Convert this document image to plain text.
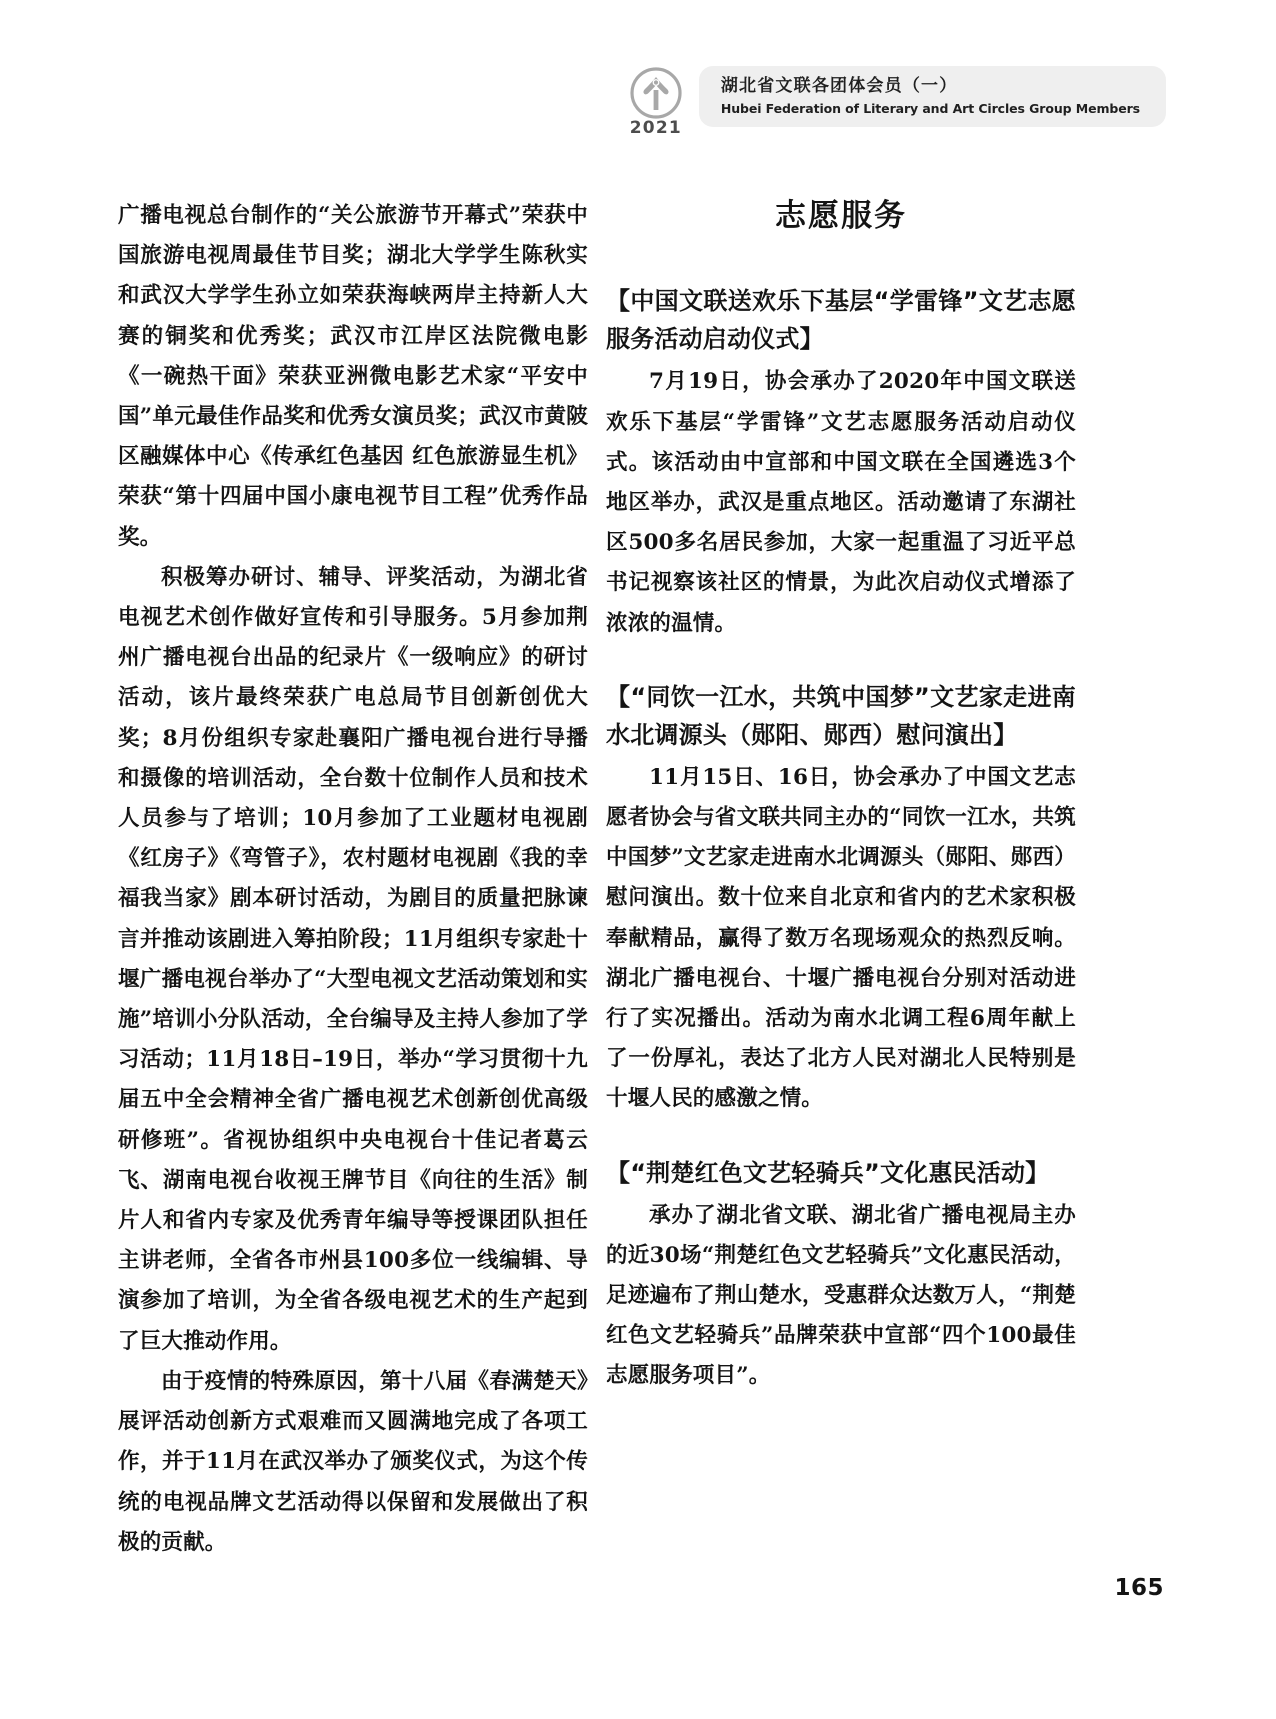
2021
湖北省文联各团体会员（一）
Hubei Federation of Literary and Art Circles Group Members

广播电视总台制作的“关公旅游节开幕式”荣获中国旅游电视周最佳节目奖；湖北大学学生陈秋实和武汉大学学生孙立如荣获海峡两岸主持新人大赛的铜奖和优秀奖；武汉市江岸区法院微电影《一碗热干面》荣获亚洲微电影艺术家“平安中国”单元最佳作品奖和优秀女演员奖；武汉市黄陂区融媒体中心《传承红色基因 红色旅游显生机》荣获“第十四届中国小康电视节目工程”优秀作品奖。

积极筹办研讨、辅导、评奖活动，为湖北省电视艺术创作做好宣传和引导服务。5月参加荆州广播电视台出品的纪录片《一级响应》的研讨活动，该片最终荣获广电总局节目创新创优大奖；8月份组织专家赴襄阳广播电视台进行导播和摄像的培训活动，全台数十位制作人员和技术人员参与了培训；10月参加了工业题材电视剧《红房子》《弯管子》，农村题材电视剧《我的幸福我当家》剧本研讨活动，为剧目的质量把脉谏言并推动该剧进入筹拍阶段；11月组织专家赴十堰广播电视台举办了“大型电视文艺活动策划和实施”培训小分队活动，全台编导及主持人参加了学习活动；11月18日–19日，举办“学习贯彻十九届五中全会精神全省广播电视艺术创新创优高级研修班”。省视协组织中央电视台十佳记者葛云飞、湖南电视台收视王牌节目《向往的生活》制片人和省内专家及优秀青年编导等授课团队担任主讲老师，全省各市州县100多位一线编辑、导演参加了培训，为全省各级电视艺术的生产起到了巨大推动作用。

由于疫情的特殊原因，第十八届《春满楚天》展评活动创新方式艰难而又圆满地完成了各项工作，并于11月在武汉举办了颁奖仪式，为这个传统的电视品牌文艺活动得以保留和发展做出了积极的贡献。

志愿服务
【中国文联送欢乐下基层“学雷锋”文艺志愿服务活动启动仪式】

7月19日，协会承办了2020年中国文联送欢乐下基层“学雷锋”文艺志愿服务活动启动仪式。该活动由中宣部和中国文联在全国遴选3个地区举办，武汉是重点地区。活动邀请了东湖社区500多名居民参加，大家一起重温了习近平总书记视察该社区的情景，为此次启动仪式增添了浓浓的温情。

【“同饮一江水，共筑中国梦”文艺家走进南水北调源头（郧阳、郧西）慰问演出】

11月15日、16日，协会承办了中国文艺志愿者协会与省文联共同主办的“同饮一江水，共筑中国梦”文艺家走进南水北调源头（郧阳、郧西）慰问演出。数十位来自北京和省内的艺术家积极奉献精品，赢得了数万名现场观众的热烈反响。湖北广播电视台、十堰广播电视台分别对活动进行了实况播出。活动为南水北调工程6周年献上了一份厚礼，表达了北方人民对湖北人民特别是十堰人民的感激之情。

【“荆楚红色文艺轻骑兵”文化惠民活动】

承办了湖北省文联、湖北省广播电视局主办的近30场“荆楚红色文艺轻骑兵”文化惠民活动，足迹遍布了荆山楚水，受惠群众达数万人，“荆楚红色文艺轻骑兵”品牌荣获中宣部“四个100最佳志愿服务项目”。

165
